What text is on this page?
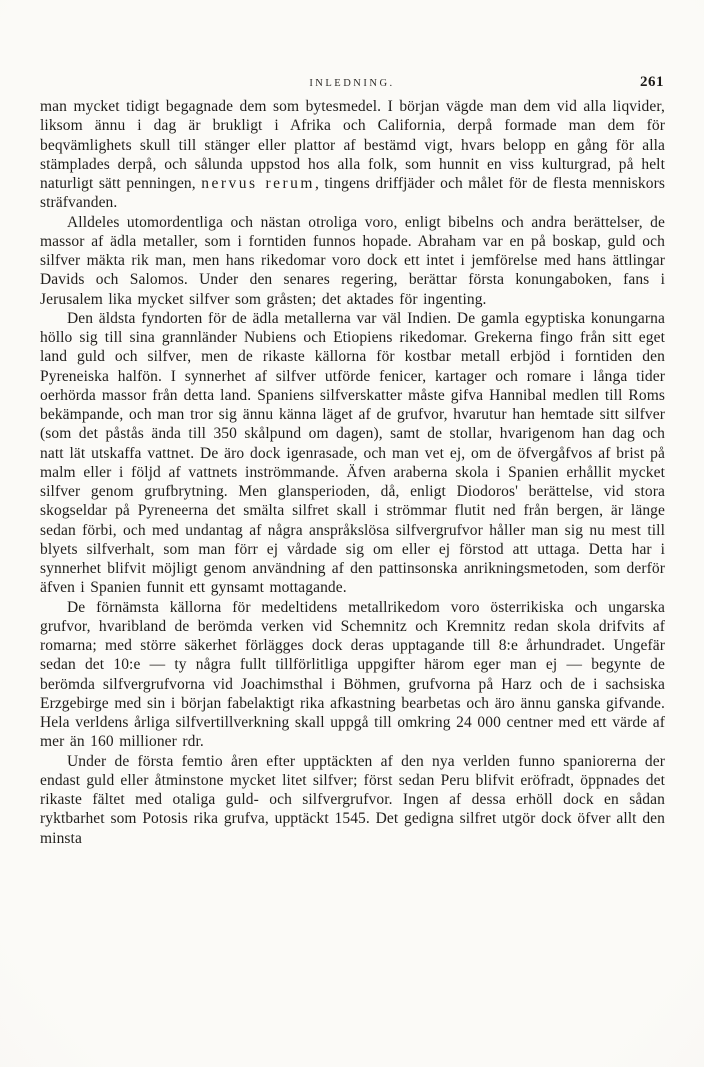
INLEDNING.	261

man mycket tidigt begagnade dem som bytesmedel. I början vägde man dem vid alla liqvider, liksom ännu i dag är brukligt i Afrika och California, derpå formade man dem för beqvämlighets skull till stänger eller plattor af bestämd vigt, hvars belopp en gång för alla stämplades derpå, och sålunda uppstod hos alla folk, som hunnit en viss kulturgrad, på helt naturligt sätt penningen, nervus rerum, tingens driffjäder och målet för de flesta menniskors sträfvanden.

Alldeles utomordentliga och nästan otroliga voro, enligt bibelns och andra berättelser, de massor af ädla metaller, som i forntiden funnos hopade. Abraham var en på boskap, guld och silfver mäkta rik man, men hans rikedomar voro dock ett intet i jemförelse med hans ättlingar Davids och Salomos. Under den senares regering, berättar första konungaboken, fans i Jerusalem lika mycket silfver som gråsten; det aktades för ingenting.

Den äldsta fyndorten för de ädla metallerna var väl Indien. De gamla egyptiska konungarna höllo sig till sina grannländer Nubiens och Etiopiens rikedomar. Grekerna fingo från sitt eget land guld och silfver, men de rikaste källorna för kostbar metall erbjöd i forntiden den Pyreneiska halfön. I synnerhet af silfver utförde fenicer, kartager och romare i långa tider oerhörda massor från detta land. Spaniens silfverskatter måste gifva Hannibal medlen till Roms bekämpande, och man tror sig ännu känna läget af de grufvor, hvarutur han hemtade sitt silfver (som det påstås ända till 350 skålpund om dagen), samt de stollar, hvarigenom han dag och natt lät utskaffa vattnet. De äro dock igenrasade, och man vet ej, om de öfvergåfvos af brist på malm eller i följd af vattnets inströmmande. Äfven araberna skola i Spanien erhållit mycket silfver genom grufbrytning. Men glansperioden, då, enligt Diodoros' berättelse, vid stora skogseldar på Pyreneerna det smälta silfret skall i strömmar flutit ned från bergen, är länge sedan förbi, och med undantag af några anspråkslösa silfvergrufvor håller man sig nu mest till blyets silfverhalt, som man förr ej vårdade sig om eller ej förstod att uttaga. Detta har i synnerhet blifvit möjligt genom användning af den pattinsonska anrikningsmetoden, som derför äfven i Spanien funnit ett gynsamt mottagande.

De förnämsta källorna för medeltidens metallrikedom voro österrikiska och ungarska grufvor, hvaribland de berömda verken vid Schemnitz och Kremnitz redan skola drifvits af romarna; med större säkerhet förlägges dock deras upptagande till 8:e århundradet. Ungefär sedan det 10:e — ty några fullt tillförlitliga uppgifter härom eger man ej — begynte de berömda silfvergrufvorna vid Joachimsthal i Böhmen, grufvorna på Harz och de i sachsiska Erzgebirge med sin i början fabelaktigt rika afkastning bearbetas och äro ännu ganska gifvande. Hela verldens årliga silfvertillverkning skall uppgå till omkring 24 000 centner med ett värde af mer än 160 millioner rdr.

Under de första femtio åren efter upptäckten af den nya verlden funno spaniorerna der endast guld eller åtminstone mycket litet silfver; först sedan Peru blifvit eröfradt, öppnades det rikaste fältet med otaliga guld- och silfvergrufvor. Ingen af dessa erhöll dock en sådan ryktbarhet som Potosis rika grufva, upptäckt 1545. Det gedigna silfret utgör dock öfver allt den minsta
